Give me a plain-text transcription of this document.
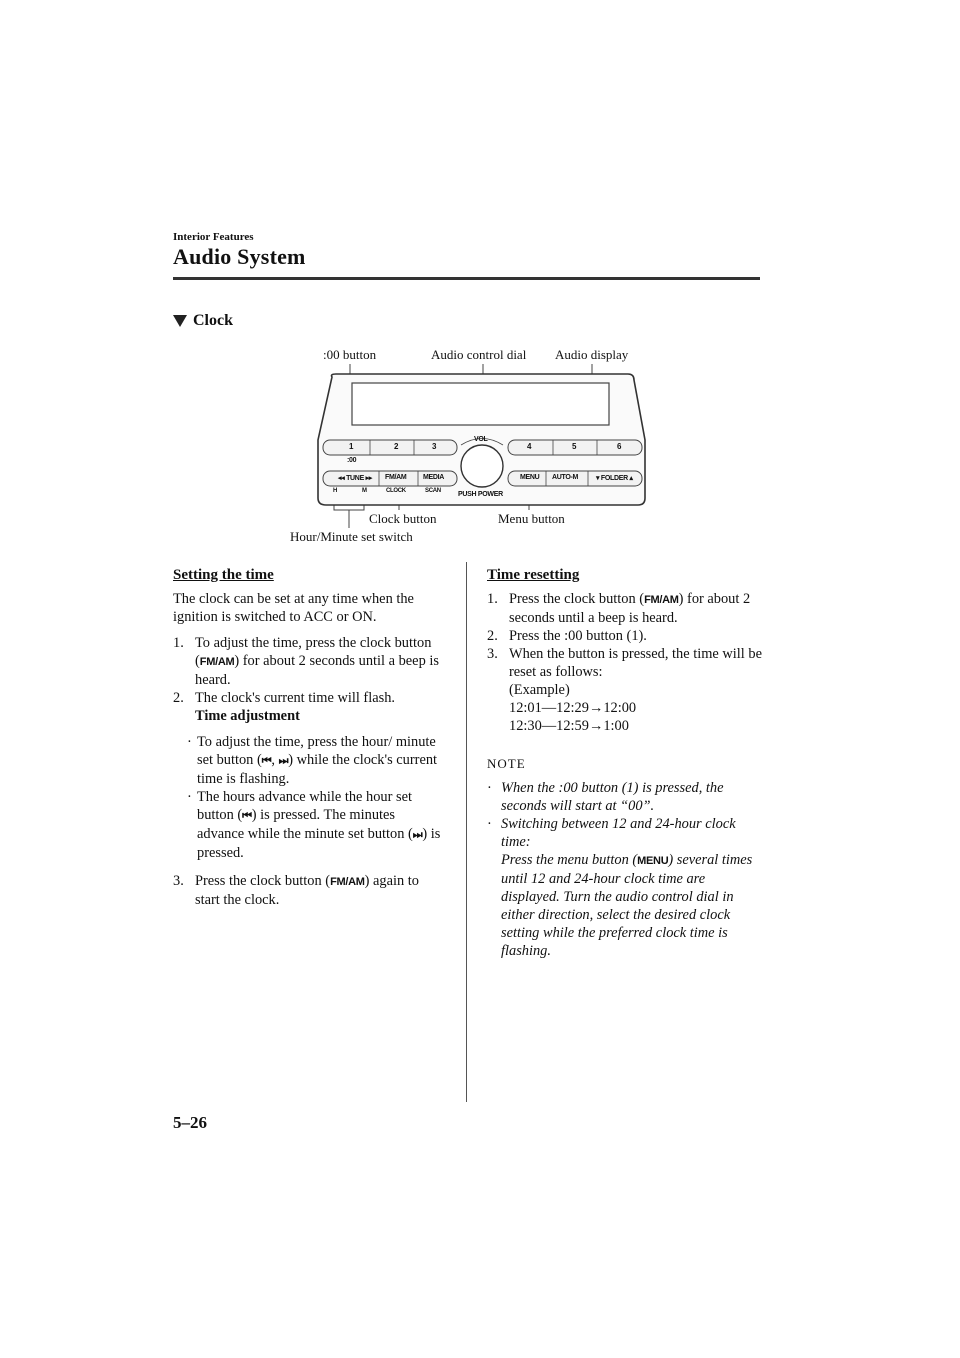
Interior Features
Audio System
Clock
:00 button	Audio control dial Audio display
Clock button	Menu button
Hour/Minute set switch
1	2	3	4	5	6
:00
VOL
◂◂ TUNE ▸▸ FM/AM MEDIA	MENU AUTO-M	▾ FOLDER ▴
H	M	CLOCK	SCAN PUSH POWER
Setting the time

The clock can be set at any time when the ignition is switched to ACC or ON.

1. To adjust the time, press the clock button (FM/AM) for about 2 seconds until a beep is heard.
2. The clock's current time will flash.
Time adjustment
· To adjust the time, press the hour/ minute set button (⏮, ⏭) while the clock's current time is flashing.
· The hours advance while the hour set button (⏮) is pressed. The minutes advance while the minute set button (⏭) is pressed.
3. Press the clock button (FM/AM) again to start the clock.
Time resetting
1. Press the clock button (FM/AM) for about 2 seconds until a beep is heard.
2. Press the :00 button (1).
3. When the button is pressed, the time will be reset as follows:
(Example)
12:01—12:29→12:00
12:30—12:59→1:00
NOTE
· When the :00 button (1) is pressed, the seconds will start at “00”.
· Switching between 12 and 24-hour clock time:
Press the menu button (MENU) several times until 12 and 24-hour clock time are displayed. Turn the audio control dial in either direction, select the desired clock setting while the preferred clock time is flashing.
5–26
